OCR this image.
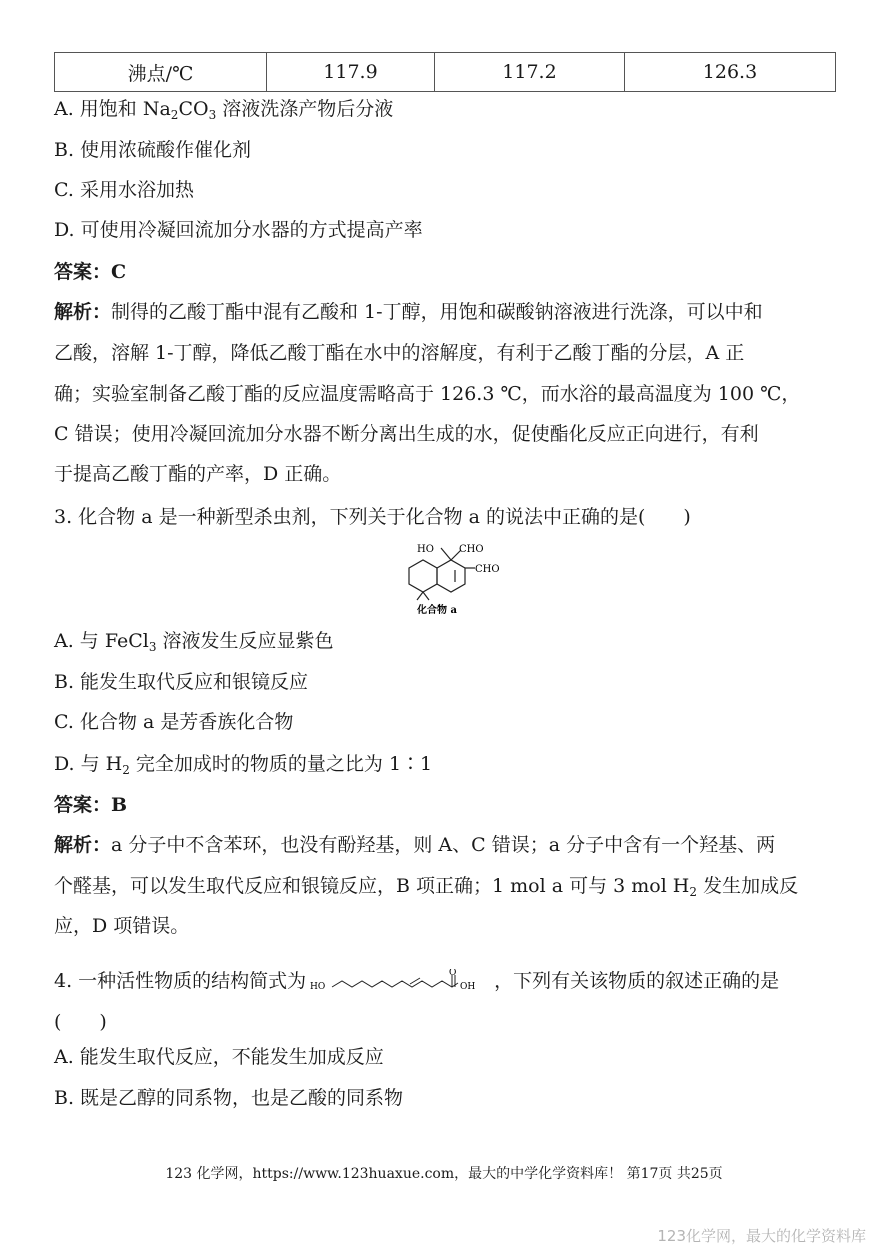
沸点/℃	117.9	117.2	126.3
A. 用饱和 $Na_2CO_3$ 溶液洗涤产物后分液
B. 使用浓硫酸作催化剂
C. 采用水浴加热
D. 可使用冷凝回流加分水器的方式提高产率
答案：C
解析：制得的乙酸丁酯中混有乙酸和 1-丁醇，用饱和碳酸钠溶液进行洗涤，可以中和
乙酸，溶解 1-丁醇，降低乙酸丁酯在水中的溶解度，有利于乙酸丁酯的分层，A 正
确；实验室制备乙酸丁酯的反应温度需略高于 126.3 ℃，而水浴的最高温度为 100 ℃，
C 错误；使用冷凝回流加分水器不断分离出生成的水，促使酯化反应正向进行，有利
于提高乙酸丁酯的产率，D 正确。
3. 化合物 a 是一种新型杀虫剂，下列关于化合物 a 的说法中正确的是(　　)
HO	CHO
CHO
化合物 a
A. 与 FeCl$_3$ 溶液发生反应显紫色
B. 能发生取代反应和银镜反应
C. 化合物 a 是芳香族化合物
D. 与 $H_2$ 完全加成时的物质的量之比为 1∶1
答案：B
解析：a 分子中不含苯环，也没有酚羟基，则 A、C 错误；a 分子中含有一个羟基、两
个醛基，可以发生取代反应和银镜反应，B 项正确；1 mol a 可与 3 mol $H_2$ 发生加成反
应，D 项错误。
4. 一种活性物质的结构简式为 HO
O
OH ，下列有关该物质的叙述正确的是
(　　)
A. 能发生取代反应，不能发生加成反应
B. 既是乙醇的同系物，也是乙酸的同系物
123 化学网，https://www.123huaxue.com，最大的中学化学资料库！ 第17页 共25页
123化学网，最大的化学资料库
